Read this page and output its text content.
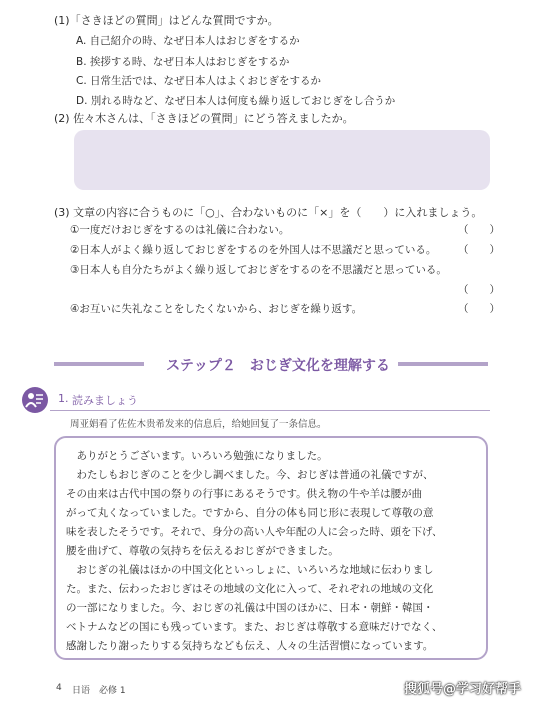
(1)「さきほどの質問」はどんな質問ですか。
A. 自己紹介の時、なぜ日本人はおじぎをするか
B. 挨拶する時、なぜ日本人はおじぎをするか
C. 日常生活では、なぜ日本人はよくおじぎをするか
D. 別れる時など、なぜ日本人は何度も繰り返しておじぎをし合うか
(2) 佐々木さんは、「さきほどの質問」にどう答えましたか。
(3) 文章の内容に合うものに「○」、合わないものに「×」を（　　）に入れましょう。
①一度だけおじぎをするのは礼儀に合わない。	（　　）
②日本人がよく繰り返しておじぎをするのを外国人は不思議だと思っている。 （　　）
③日本人も自分たちがよく繰り返しておじぎをするのを不思議だと思っている。
（　　）
④お互いに失礼なことをしたくないから、おじぎを繰り返す。	（　　）
ステップ２　おじぎ文化を理解する
1. 読みましょう
周亚娟看了佐佐木贵希发来的信息后，给她回复了一条信息。
　ありがとうございます。いろいろ勉強になりました。
　わたしもおじぎのことを少し調べました。今、おじぎは普通の礼儀ですが、
その由来は古代中国の祭りの行事にあるそうです。供え物の牛や羊は腰が曲
がって丸くなっていました。ですから、自分の体も同じ形に表現して尊敬の意
味を表したそうです。それで、身分の高い人や年配の人に会った時、頭を下げ、
腰を曲げて、尊敬の気持ちを伝えるおじぎができました。
　おじぎの礼儀はほかの中国文化といっしょに、いろいろな地域に伝わりまし
た。また、伝わったおじぎはその地域の文化に入って、それぞれの地域の文化
の一部になりました。今、おじぎの礼儀は中国のほかに、日本・朝鮮・韓国・
ベトナムなどの国にも残っています。また、おじぎは尊敬する意味だけでなく、
感謝したり謝ったりする気持ちなども伝え、人々の生活習慣になっています。
4 日语　必修 1	搜狐号@学习好帮手
